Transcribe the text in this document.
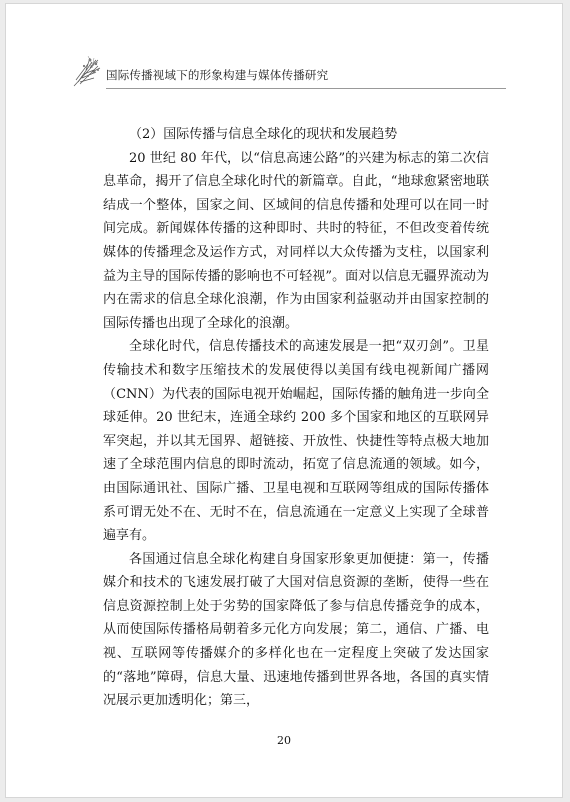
国际传播视域下的形象构建与媒体传播研究

（2）国际传播与信息全球化的现状和发展趋势

20 世纪 80 年代，以“信息高速公路”的兴建为标志的第二次信息革命，揭开了信息全球化时代的新篇章。自此，“地球愈紧密地联结成一个整体，国家之间、区域间的信息传播和处理可以在同一时间完成。新闻媒体传播的这种即时、共时的特征，不但改变着传统媒体的传播理念及运作方式，对同样以大众传播为支柱，以国家利益为主导的国际传播的影响也不可轻视”。面对以信息无疆界流动为内在需求的信息全球化浪潮，作为由国家利益驱动并由国家控制的国际传播也出现了全球化的浪潮。

全球化时代，信息传播技术的高速发展是一把“双刃剑”。卫星传输技术和数字压缩技术的发展使得以美国有线电视新闻广播网（CNN）为代表的国际电视开始崛起，国际传播的触角进一步向全球延伸。20 世纪末，连通全球约 200 多个国家和地区的互联网异军突起，并以其无国界、超链接、开放性、快捷性等特点极大地加速了全球范围内信息的即时流动，拓宽了信息流通的领域。如今，由国际通讯社、国际广播、卫星电视和互联网等组成的国际传播体系可谓无处不在、无时不在，信息流通在一定意义上实现了全球普遍享有。

各国通过信息全球化构建自身国家形象更加便捷：第一，传播媒介和技术的飞速发展打破了大国对信息资源的垄断，使得一些在信息资源控制上处于劣势的国家降低了参与信息传播竞争的成本，从而使国际传播格局朝着多元化方向发展；第二，通信、广播、电视、互联网等传播媒介的多样化也在一定程度上突破了发达国家的“落地”障碍，信息大量、迅速地传播到世界各地，各国的真实情况展示更加透明化；第三，

20
